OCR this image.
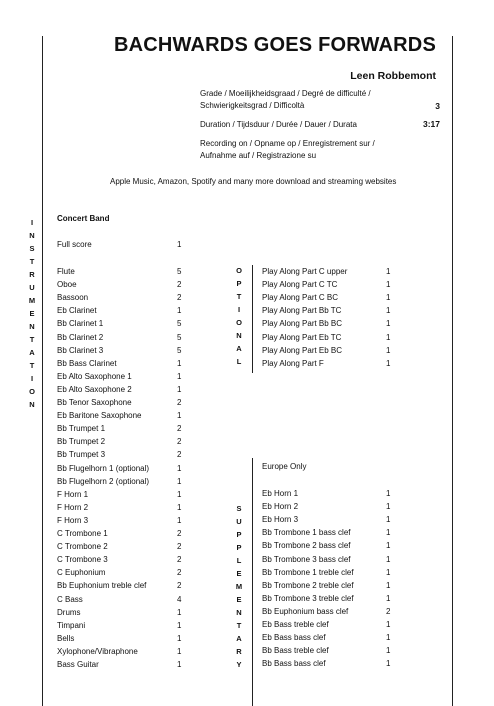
BACHWARDS GOES FORWARDS
Leen Robbemont
Grade / Moeilijkheidsgraad / Degré de difficulté /
Schwierigkeitsgrad / Difficoltà	3
Duration / Tijdsduur / Durée / Dauer / Durata	3:17
Recording on / Opname op / Enregistrement sur /
Aufnahme auf / Registrazione su
Apple Music, Amazon, Spotify and many more download and streaming websites
I
N
S
T
R
U
M
E
N
T
A
T
I
O
N
O
P
T
I
O
N
A
L
S
U
P
P
L
E
M
E
N
T
A
R
Y
Concert Band
Full score	1
Flute	5
Oboe	2
Bassoon	2
Eb Clarinet	1
Bb Clarinet 1	5
Bb Clarinet 2	5
Bb Clarinet 3	5
Bb Bass Clarinet	1
Eb Alto Saxophone 1	1
Eb Alto Saxophone 2	1
Bb Tenor Saxophone	2
Eb Baritone Saxophone	1
Bb Trumpet 1	2
Bb Trumpet 2	2
Bb Trumpet 3	2
Bb Flugelhorn 1 (optional)	1
Bb Flugelhorn 2 (optional)	1
F Horn 1	1
F Horn 2	1
F Horn 3	1
C Trombone 1	2
C Trombone 2	2
C Trombone 3	2
C Euphonium	2
Bb Euphonium treble clef	2
C Bass	4
Drums	1
Timpani	1
Bells	1
Xylophone/Vibraphone	1
Bass Guitar	1
Play Along Part C upper	1
Play Along Part C TC	1
Play Along Part C BC	1
Play Along Part Bb TC	1
Play Along Part Bb BC	1
Play Along Part Eb TC	1
Play Along Part Eb BC	1
Play Along Part F	1
Europe Only
Eb Horn 1	1
Eb Horn 2	1
Eb Horn 3	1
Bb Trombone 1 bass clef	1
Bb Trombone 2 bass clef	1
Bb Trombone 3 bass clef	1
Bb Trombone 1 treble clef	1
Bb Trombone 2 treble clef	1
Bb Trombone 3 treble clef	1
Bb Euphonium bass clef	2
Eb Bass treble clef	1
Eb Bass bass clef	1
Bb Bass treble clef	1
Bb Bass bass clef	1
